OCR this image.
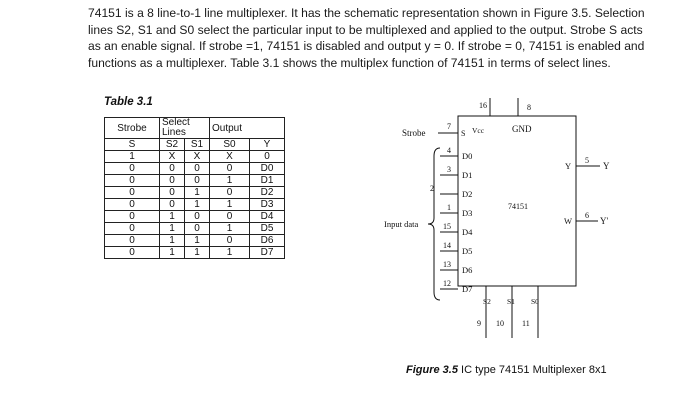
74151 is a 8 line-to-1 line multiplexer. It has the schematic representation shown in Figure 3.5. Selection
lines S2, S1 and S0 select the particular input to be multiplexed and applied to the output. Strobe S acts
as an enable signal. If strobe =1, 74151 is disabled and output y = 0. If strobe = 0, 74151 is enabled and
functions as a multiplexer. Table 3.1 shows the multiplex function of 74151 in terms of select lines.
Table 3.1
Strobe	Select
Lines		Output	
S	S2	S1	S0	Y
1	X	X	X	0
0	0	0	0	D0
0	0	0	1	D1
0	0	1	0	D2
0	0	1	1	D3
0	1	0	0	D4
0	1	0	1	D5
0	1	1	0	D6
0	1	1	1	D7
16	8
Vcc	GND
Strobe
7
S
Input data
4
3
2
1
15
14
13
12
D0
D1
D2
D3
D4
D5
D6
D7
74151
Y
5
Y
W
6
Y'
S2 S1 S0
9 10 11
Figure 3.5 IC type 74151 Multiplexer 8x1
